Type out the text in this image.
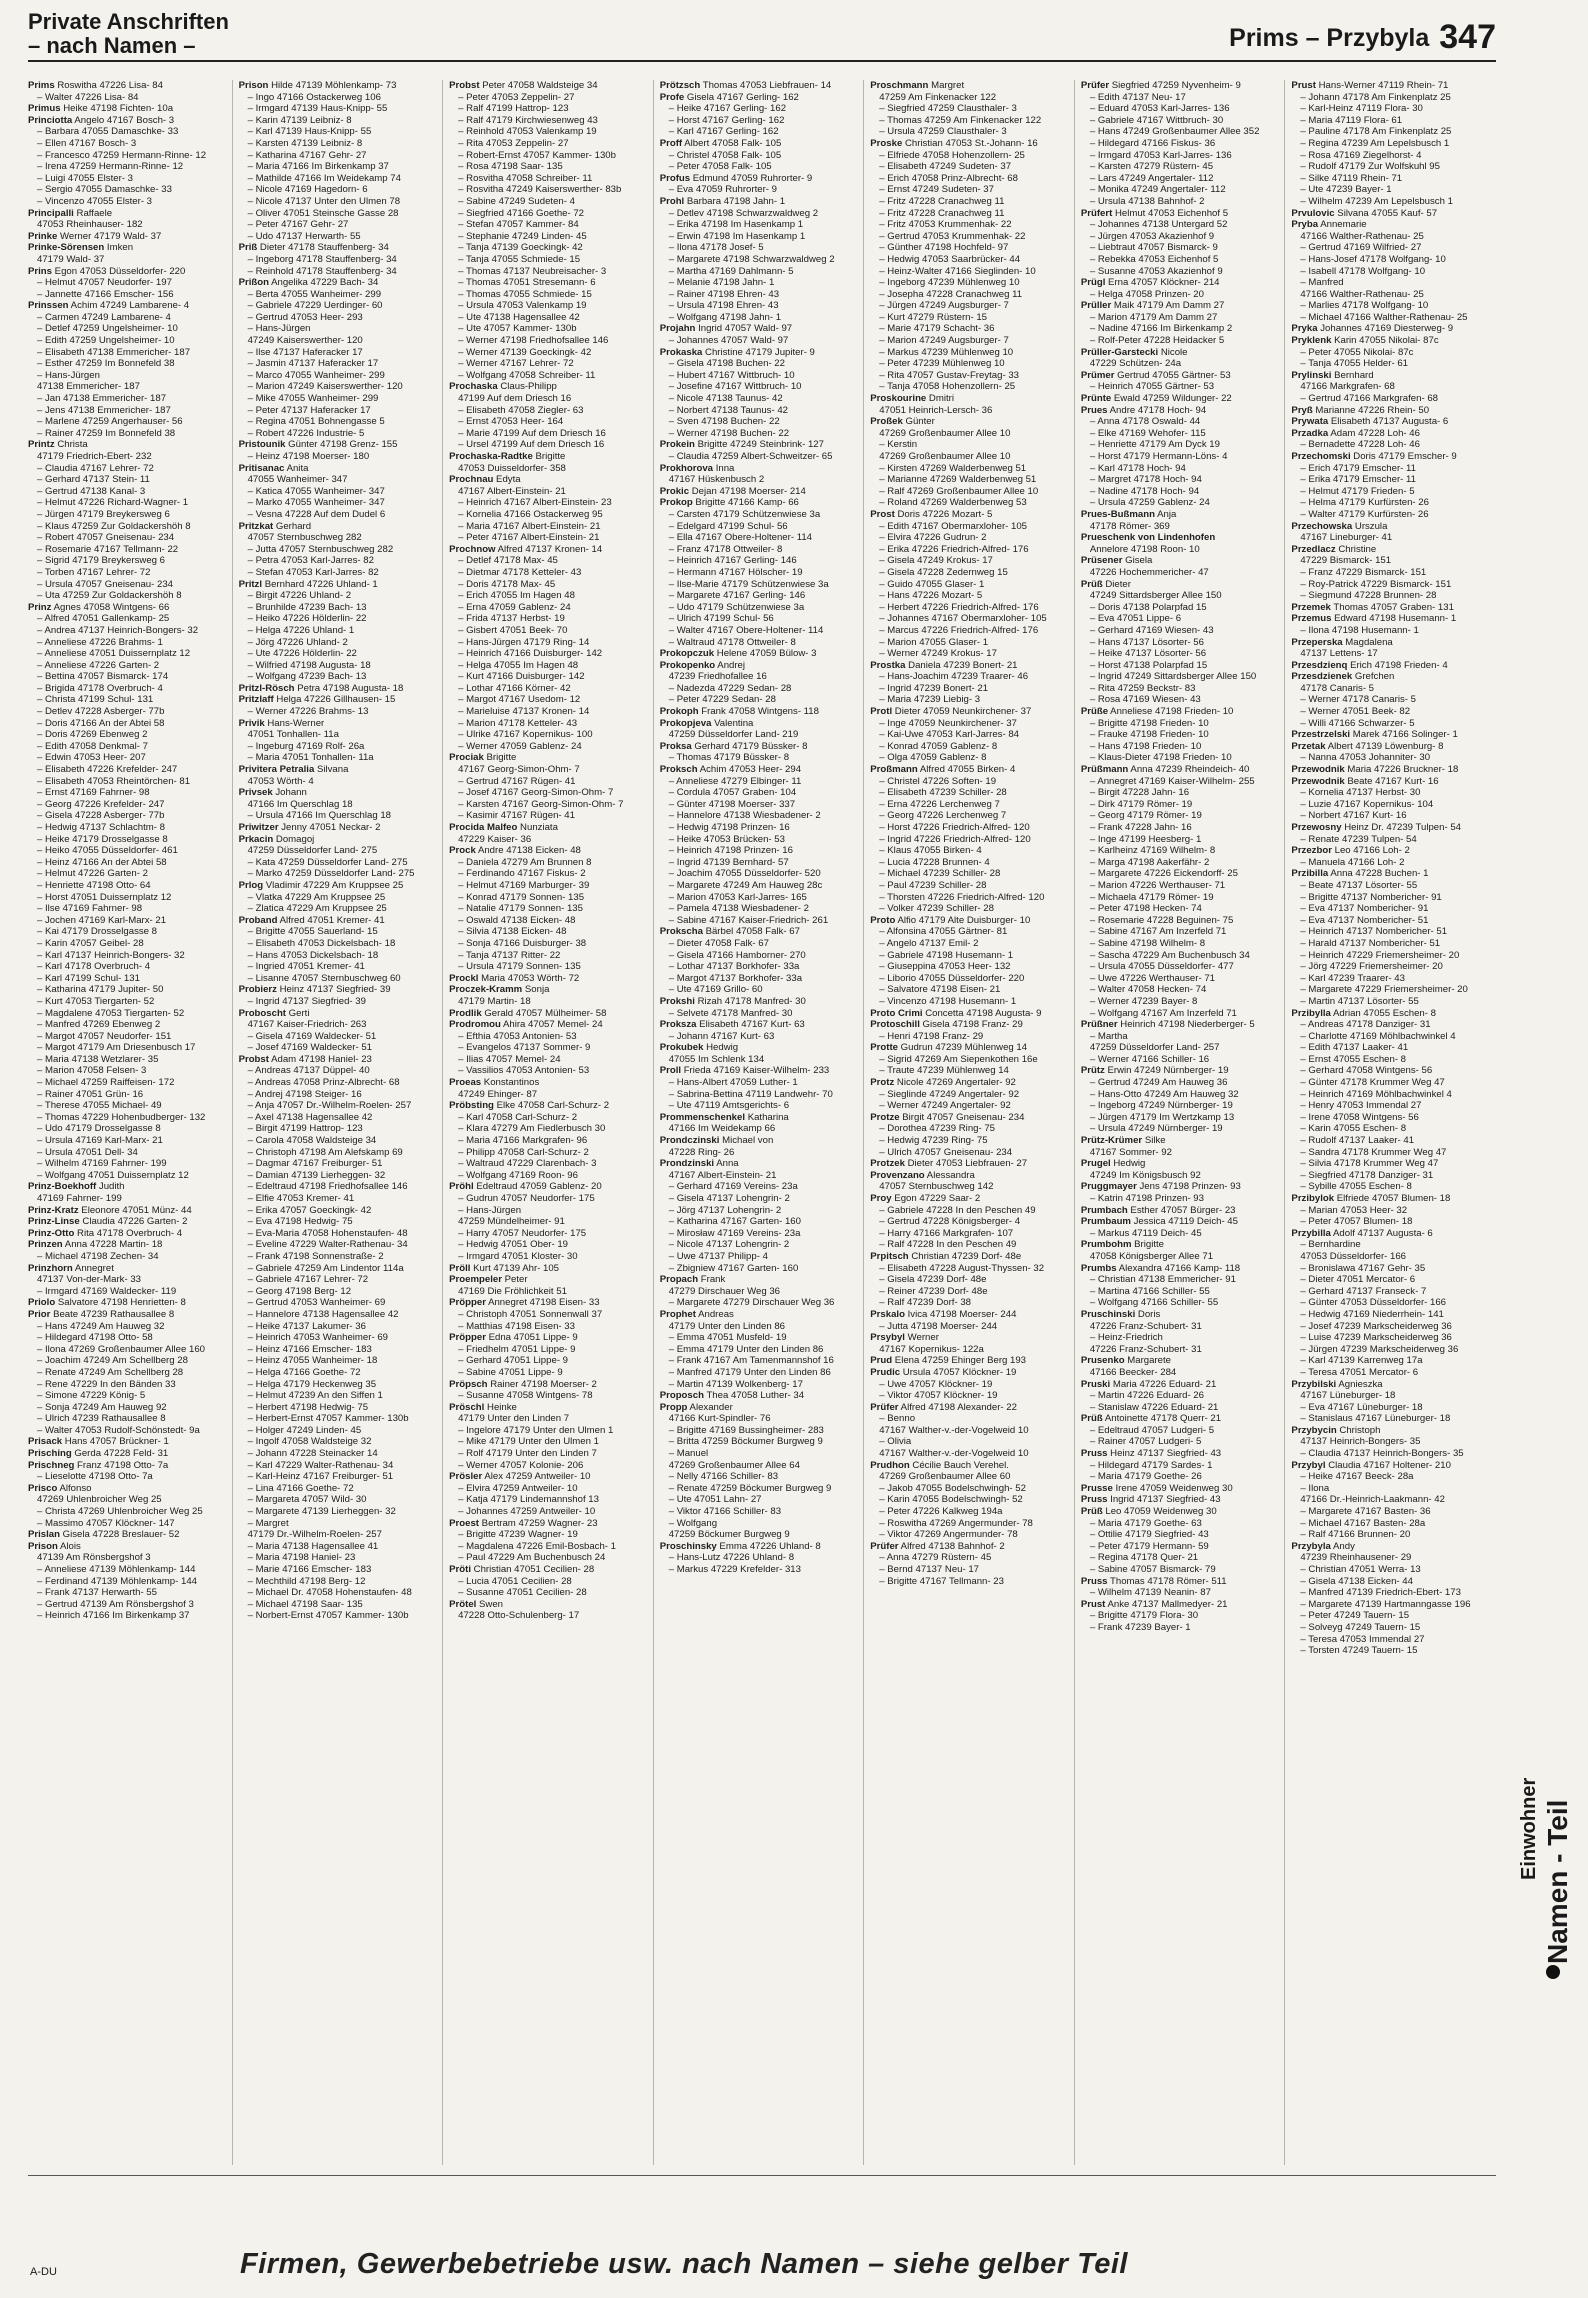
Private Anschriften
– nach Namen –	Prims – Przybyla 347
Prims Roswitha 47226 Lisa- 84
– Walter 47226 Lisa- 84
Primus Heike 47198 Fichten- 10a
Princiotta Angelo 47167 Bosch- 3
– Barbara 47055 Damaschke- 33
– Ellen 47167 Bosch- 3
– Francesco 47259 Hermann-Rinne- 12
– Irena 47259 Hermann-Rinne- 12
– Luigi 47055 Elster- 3
– Sergio 47055 Damaschke- 33
– Vincenzo 47055 Elster- 3
Principalli Raffaele
47053 Rheinhauser- 182
Prinke Werner 47179 Wald- 37
Prinke-Sörensen Imken
47179 Wald- 37
Prins Egon 47053 Düsseldorfer- 220
– Helmut 47057 Neudorfer- 197
– Jannette 47166 Emscher- 156
Prinssen Achim 47249 Lambarene- 4
– Carmen 47249 Lambarene- 4
– Detlef 47259 Ungelsheimer- 10
– Edith 47259 Ungelsheimer- 10
– Elisabeth 47138 Emmericher- 187
– Esther 47259 Im Bonnefeld 38
– Hans-Jürgen
47138 Emmericher- 187
– Jan 47138 Emmericher- 187
– Jens 47138 Emmericher- 187
– Marlene 47259 Angerhauser- 56
– Rainer 47259 Im Bonnefeld 38
Printz Christa
47179 Friedrich-Ebert- 232
– Claudia 47167 Lehrer- 72
– Gerhard 47137 Stein- 11
– Gertrud 47138 Kanal- 3
– Helmut 47226 Richard-Wagner- 1
– Jürgen 47179 Breykersweg 6
– Klaus 47259 Zur Goldackershöh 8
– Robert 47057 Gneisenau- 234
– Rosemarie 47167 Tellmann- 22
– Sigrid 47179 Breykersweg 6
– Torben 47167 Lehrer- 72
– Ursula 47057 Gneisenau- 234
– Uta 47259 Zur Goldackershöh 8
Prinz Agnes 47058 Wintgens- 66
– Alfred 47051 Gallenkamp- 25
– Andrea 47137 Heinrich-Bongers- 32
– Anneliese 47226 Brahms- 1
– Anneliese 47051 Duissernplatz 12
– Anneliese 47226 Garten- 2
– Bettina 47057 Bismarck- 174
– Brigida 47178 Overbruch- 4
– Christa 47199 Schul- 131
– Detlev 47228 Asberger- 77b
– Doris 47166 An der Abtei 58
– Doris 47269 Ebenweg 2
– Edith 47058 Denkmal- 7
– Edwin 47053 Heer- 207
– Elisabeth 47226 Krefelder- 247
– Elisabeth 47053 Rheintörchen- 81
– Ernst 47169 Fahrner- 98
– Georg 47226 Krefelder- 247
– Gisela 47228 Asberger- 77b
– Hedwig 47137 Schlachtm- 8
– Heike 47179 Drosselgasse 8
– Heiko 47055 Düsseldorfer- 461
– Heinz 47166 An der Abtei 58
– Helmut 47226 Garten- 2
– Henriette 47198 Otto- 64
– Horst 47051 Duissernplatz 12
– Ilse 47169 Fahrner- 98
– Jochen 47169 Karl-Marx- 21
– Kai 47179 Drosselgasse 8
– Karin 47057 Geibel- 28
– Karl 47137 Heinrich-Bongers- 32
– Karl 47178 Overbruch- 4
– Karl 47199 Schul- 131
– Katharina 47179 Jupiter- 50
– Kurt 47053 Tiergarten- 52
– Magdalene 47053 Tiergarten- 52
– Manfred 47269 Ebenweg 2
– Margot 47057 Neudorfer- 151
– Margot 47179 Am Driesenbusch 17
– Maria 47138 Wetzlarer- 35
– Marion 47058 Felsen- 3
– Michael 47259 Raiffeisen- 172
– Rainer 47051 Grün- 16
– Therese 47055 Michael- 49
– Thomas 47229 Hohenbudberger- 132
– Udo 47179 Drosselgasse 8
– Ursula 47169 Karl-Marx- 21
– Ursula 47051 Dell- 34
– Wilhelm 47169 Fahrner- 199
– Wolfgang 47051 Duissernplatz 12
Prinz-Boekhoff Judith
47169 Fahrner- 199
Prinz-Kratz Eleonore 47051 Münz- 44
Prinz-Linse Claudia 47226 Garten- 2
Prinz-Otto Rita 47178 Overbruch- 4
Prinzen Anna 47228 Martin- 18
– Michael 47198 Zechen- 34
Prinzhorn Annegret
47137 Von-der-Mark- 33
– Irmgard 47169 Waldecker- 119
Priolo Salvatore 47198 Henrietten- 8
Prior Beate 47239 Rathausallee 8
– Hans 47249 Am Hauweg 32
– Hildegard 47198 Otto- 58
– Ilona 47269 Großenbaumer Allee 160
– Joachim 47249 Am Schellberg 28
– Renate 47249 Am Schellberg 28
– Rene 47229 In den Bänden 33
– Simone 47229 König- 5
– Sonja 47249 Am Hauweg 92
– Ulrich 47239 Rathausallee 8
– Walter 47053 Rudolf-Schönstedt- 9a
Prisack Hans 47057 Brückner- 1
Prisching Gerda 47228 Feld- 31
Prischneg Franz 47198 Otto- 7a
– Lieselotte 47198 Otto- 7a
Prisco Alfonso
47269 Uhlenbroicher Weg 25
– Christa 47269 Uhlenbroicher Weg 25
– Massimo 47057 Klöckner- 147
Prislan Gisela 47228 Breslauer- 52
Prison Alois
47139 Am Rönsbergshof 3
– Anneliese 47139 Möhlenkamp- 144
– Ferdinand 47139 Möhlenkamp- 144
– Frank 47137 Herwarth- 55
– Gertrud 47139 Am Rönsbergshof 3
– Heinrich 47166 Im Birkenkamp 37
Prison Hilde 47139 Möhlenkamp- 73
– Ingo 47166 Ostackerweg 106
– Irmgard 47139 Haus-Knipp- 55
– Karin 47139 Leibniz- 8
– Karl 47139 Haus-Knipp- 55
– Karsten 47139 Leibniz- 8
– Katharina 47167 Gehr- 27
– Maria 47166 Im Birkenkamp 37
– Mathilde 47166 Im Weidekamp 74
– Nicole 47169 Hagedorn- 6
– Nicole 47137 Unter den Ulmen 78
– Oliver 47051 Steinsche Gasse 28
– Peter 47167 Gehr- 27
– Udo 47137 Herwarth- 55
Priß Dieter 47178 Stauffenberg- 34
– Ingeborg 47178 Stauffenberg- 34
– Reinhold 47178 Stauffenberg- 34
Prißon Angelika 47229 Bach- 34
– Berta 47055 Wanheimer- 299
– Gabriele 47229 Uerdinger- 60
– Gertrud 47053 Heer- 293
– Hans-Jürgen
47249 Kaiserswerther- 120
– Ilse 47137 Haferacker 17
– Jasmin 47137 Haferacker 17
– Marco 47055 Wanheimer- 299
– Marion 47249 Kaiserswerther- 120
– Mike 47055 Wanheimer- 299
– Peter 47137 Haferacker 17
– Regina 47051 Bohnengasse 5
– Robert 47226 Industrie- 5
Pristounik Günter 47198 Grenz- 155
– Heinz 47198 Moerser- 180
Pritisanac Anita
47055 Wanheimer- 347
– Katica 47055 Wanheimer- 347
– Marko 47055 Wanheimer- 347
– Vesna 47228 Auf dem Dudel 6
Pritzkat Gerhard
47057 Sternbuschweg 282
– Jutta 47057 Sternbuschweg 282
– Petra 47053 Karl-Jarres- 82
– Stefan 47053 Karl-Jarres- 82
Pritzl Bernhard 47226 Uhland- 1
– Birgit 47226 Uhland- 2
– Brunhilde 47239 Bach- 13
– Heiko 47226 Hölderlin- 22
– Helga 47226 Uhland- 1
– Jörg 47226 Uhland- 2
– Ute 47226 Hölderlin- 22
– Wilfried 47198 Augusta- 18
– Wolfgang 47239 Bach- 13
Pritzl-Rösch Petra 47198 Augusta- 18
Pritzlaff Helga 47226 Gillhausen- 15
– Werner 47226 Brahms- 13
Privik Hans-Werner
47051 Tonhallen- 11a
– Ingeburg 47169 Rolf- 26a
– Maria 47051 Tonhallen- 11a
Privitera Petralia Silvana
47053 Wörth- 4
Privsek Johann
47166 Im Querschlag 18
– Ursula 47166 Im Querschlag 18
Priwitzer Jenny 47051 Neckar- 2
Prkacin Domagoj
47259 Düsseldorfer Land- 275
– Kata 47259 Düsseldorfer Land- 275
– Marko 47259 Düsseldorfer Land- 275
Prlog Vladimir 47229 Am Kruppsee 25
– Vlatka 47229 Am Kruppsee 25
– Zlatica 47229 Am Kruppsee 25
Proband Alfred 47051 Kremer- 41
– Brigitte 47055 Sauerland- 15
– Elisabeth 47053 Dickelsbach- 18
– Hans 47053 Dickelsbach- 18
– Ingried 47051 Kremer- 41
– Lisanne 47057 Sternbuschweg 60
Probierz Heinz 47137 Siegfried- 39
– Ingrid 47137 Siegfried- 39
Proboscht Gerti
47167 Kaiser-Friedrich- 263
– Gisela 47169 Waldecker- 51
– Josef 47169 Waldecker- 51
Probst Adam 47198 Haniel- 23
– Andreas 47137 Düppel- 40
– Andreas 47058 Prinz-Albrecht- 68
– Andrej 47198 Steiger- 16
– Anja 47057 Dr.-Wilhelm-Roelen- 257
– Axel 47138 Hagensallee 42
– Birgit 47199 Hattrop- 123
– Carola 47058 Waldsteige 34
– Christoph 47198 Am Alefskamp 69
– Dagmar 47167 Freiburger- 51
– Damian 47139 Lierheggen- 32
– Edeltraud 47198 Friedhofsallee 146
– Elfie 47053 Kremer- 41
– Erika 47057 Goeckingk- 42
– Eva 47198 Hedwig- 75
– Eva-Maria 47058 Hohenstaufen- 48
– Eveline 47229 Walter-Rathenau- 34
– Frank 47198 Sonnenstraße- 2
– Gabriele 47259 Am Lindentor 114a
– Gabriele 47167 Lehrer- 72
– Georg 47198 Berg- 12
– Gertrud 47053 Wanheimer- 69
– Hannelore 47138 Hagensallee 42
– Heike 47137 Lakumer- 36
– Heinrich 47053 Wanheimer- 69
– Heinz 47166 Emscher- 183
– Heinz 47055 Wanheimer- 18
– Helga 47166 Goethe- 72
– Helga 47179 Heckenweg 35
– Helmut 47239 An den Siffen 1
– Herbert 47198 Hedwig- 75
– Herbert-Ernst 47057 Kammer- 130b
– Holger 47249 Linden- 45
– Ingolf 47058 Waldsteige 32
– Johann 47228 Steinacker 14
– Karl 47229 Walter-Rathenau- 34
– Karl-Heinz 47167 Freiburger- 51
– Lina 47166 Goethe- 72
– Margareta 47057 Wild- 30
– Margarete 47139 Lierheggen- 32
– Margret
47179 Dr.-Wilhelm-Roelen- 257
– Maria 47138 Hagensallee 41
– Maria 47198 Haniel- 23
– Marie 47166 Emscher- 183
– Mechthild 47198 Berg- 12
– Michael Dr. 47058 Hohenstaufen- 48
– Michael 47198 Saar- 135
– Norbert-Ernst 47057 Kammer- 130b
Probst Peter 47058 Waldsteige 34
– Peter 47053 Zeppelin- 27
– Ralf 47199 Hattrop- 123
– Ralf 47179 Kirchwiesenweg 43
– Reinhold 47053 Valenkamp 19
– Rita 47053 Zeppelin- 27
– Robert-Ernst 47057 Kammer- 130b
– Rosa 47198 Saar- 135
– Rosvitha 47058 Schreiber- 11
– Rosvitha 47249 Kaiserswerther- 83b
– Sabine 47249 Sudeten- 4
– Siegfried 47166 Goethe- 72
– Stefan 47057 Kammer- 84
– Stephanie 47249 Linden- 45
– Tanja 47139 Goeckingk- 42
– Tanja 47055 Schmiede- 15
– Thomas 47137 Neubreisacher- 3
– Thomas 47051 Stresemann- 6
– Thomas 47055 Schmiede- 15
– Ursula 47053 Valenkamp 19
– Ute 47138 Hagensallee 42
– Ute 47057 Kammer- 130b
– Werner 47198 Friedhofsallee 146
– Werner 47139 Goeckingk- 42
– Werner 47167 Lehrer- 72
– Wolfgang 47058 Schreiber- 11
Prochaska Claus-Philipp
47199 Auf dem Driesch 16
– Elisabeth 47058 Ziegler- 63
– Ernst 47053 Heer- 164
– Marie 47199 Auf dem Driesch 16
– Ursel 47199 Auf dem Driesch 16
Prochaska-Radtke Brigitte
47053 Duisseldorfer- 358
Prochnau Edyta
47167 Albert-Einstein- 21
– Heinrich 47167 Albert-Einstein- 23
– Kornelia 47166 Ostackerweg 95
– Maria 47167 Albert-Einstein- 21
– Peter 47167 Albert-Einstein- 21
Prochnow Alfred 47137 Kronen- 14
– Detlef 47178 Max- 45
– Dietmar 47178 Ketteler- 43
– Doris 47178 Max- 45
– Erich 47055 Im Hagen 48
– Erna 47059 Gablenz- 24
– Frida 47137 Herbst- 19
– Gisbert 47051 Beek- 70
– Hans-Jürgen 47179 Ring- 14
– Heinrich 47166 Duisburger- 142
– Helga 47055 Im Hagen 48
– Kurt 47166 Duisburger- 142
– Lothar 47166 Körner- 42
– Margot 47167 Usedom- 12
– Marieluise 47137 Kronen- 14
– Marion 47178 Ketteler- 43
– Ulrike 47167 Kopernikus- 100
– Werner 47059 Gablenz- 24
Prociak Brigitte
47167 Georg-Simon-Ohm- 7
– Gertrud 47167 Rügen- 41
– Josef 47167 Georg-Simon-Ohm- 7
– Karsten 47167 Georg-Simon-Ohm- 7
– Kasimir 47167 Rügen- 41
Procida Malfeo Nunziata
47229 Kaiser- 36
Prock Andre 47138 Eicken- 48
– Daniela 47279 Am Brunnen 8
– Ferdinando 47167 Fiskus- 2
– Helmut 47169 Marburger- 39
– Konrad 47179 Sonnen- 135
– Natalie 47179 Sonnen- 135
– Oswald 47138 Eicken- 48
– Silvia 47138 Eicken- 48
– Sonja 47166 Duisburger- 38
– Tanja 47137 Ritter- 22
– Ursula 47179 Sonnen- 135
Prockl Maria 47053 Wörth- 72
Proczek-Kramm Sonja
47179 Martin- 18
Prodlik Gerald 47057 Mülheimer- 58
Prodromou Ahira 47057 Memel- 24
– Efthia 47053 Antonien- 53
– Evangelos 47137 Sommer- 9
– Ilias 47057 Memel- 24
– Vassilios 47053 Antonien- 53
Proeas Konstantinos
47249 Ehinger- 87
Pröbsting Elke 47058 Carl-Schurz- 2
– Karl 47058 Carl-Schurz- 2
– Klara 47279 Am Fiedlerbusch 30
– Maria 47166 Markgrafen- 96
– Philipp 47058 Carl-Schurz- 2
– Waltraud 47229 Clarenbach- 3
– Wolfgang 47169 Roon- 96
Pröhl Edeltraud 47059 Gablenz- 20
– Gudrun 47057 Neudorfer- 175
– Hans-Jürgen
47259 Mündelheimer- 91
– Harry 47057 Neudorfer- 175
– Hedwig 47051 Ober- 19
– Irmgard 47051 Kloster- 30
Pröll Kurt 47139 Ahr- 105
Proempeler Peter
47169 Die Fröhlichkeit 51
Pröpper Annegret 47198 Eisen- 33
– Christoph 47051 Sonnenwall 37
– Matthias 47198 Eisen- 33
Pröpper Edna 47051 Lippe- 9
– Friedhelm 47051 Lippe- 9
– Gerhard 47051 Lippe- 9
– Sabine 47051 Lippe- 9
Pröpsch Rainer 47198 Moerser- 2
– Susanne 47058 Wintgens- 78
Pröschl Heinke
47179 Unter den Linden 7
– Ingelore 47179 Unter den Ulmen 1
– Mike 47179 Unter den Ulmen 1
– Rolf 47179 Unter den Linden 7
– Werner 47057 Kolonie- 206
Prösler Alex 47259 Antweiler- 10
– Elvira 47259 Antweiler- 10
– Katja 47179 Lindemannshof 13
– Johannes 47259 Antweiler- 10
Proest Bertram 47259 Wagner- 23
– Brigitte 47239 Wagner- 19
– Magdalena 47226 Emil-Bosbach- 1
– Paul 47229 Am Buchenbusch 24
Pröti Christian 47051 Cecilien- 28
– Lucia 47051 Cecilien- 28
– Susanne 47051 Cecilien- 28
Prötel Swen
47228 Otto-Schulenberg- 17
Prötzsch Thomas 47053 Liebfrauen- 14
Profe Gisela 47167 Gerling- 162
– Heike 47167 Gerling- 162
– Horst 47167 Gerling- 162
– Karl 47167 Gerling- 162
Proff Albert 47058 Falk- 105
– Christel 47058 Falk- 105
– Peter 47058 Falk- 105
Profus Edmund 47059 Ruhrorter- 9
– Eva 47059 Ruhrorter- 9
Prohl Barbara 47198 Jahn- 1
– Detlev 47198 Schwarzwaldweg 2
– Erika 47198 Im Hasenkamp 1
– Erwin 47198 Im Hasenkamp 1
– Ilona 47178 Josef- 5
– Margarete 47198 Schwarzwaldweg 2
– Martha 47169 Dahlmann- 5
– Melanie 47198 Jahn- 1
– Rainer 47198 Ehren- 43
– Ursula 47198 Ehren- 43
– Wolfgang 47198 Jahn- 1
Projahn Ingrid 47057 Wald- 97
– Johannes 47057 Wald- 97
Prokaska Christine 47179 Jupiter- 9
– Gisela 47198 Buchen- 22
– Hubert 47167 Wittbruch- 10
– Josefine 47167 Wittbruch- 10
– Nicole 47138 Taunus- 42
– Norbert 47138 Taunus- 42
– Sven 47198 Buchen- 22
– Werner 47198 Buchen- 22
Prokein Brigitte 47249 Steinbrink- 127
– Claudia 47259 Albert-Schweitzer- 65
Prokhorova Inna
47167 Hüskenbusch 2
Prokic Dejan 47198 Moerser- 214
Prokop Brigitte 47166 Kamp- 66
– Carsten 47179 Schützenwiese 3a
– Edelgard 47199 Schul- 56
– Ella 47167 Obere-Holtener- 114
– Franz 47178 Ottweiler- 8
– Heinrich 47167 Gerling- 146
– Hermann 47167 Hölscher- 19
– Ilse-Marie 47179 Schützenwiese 3a
– Margarete 47167 Gerling- 146
– Udo 47179 Schützenwiese 3a
– Ulrich 47199 Schul- 56
– Walter 47167 Obere-Holtener- 114
– Waltraud 47178 Ottweiler- 8
Prokopczuk Helene 47059 Bülow- 3
Prokopenko Andrej
47239 Friedhofallee 16
– Nadezda 47229 Sedan- 28
– Peter 47229 Sedan- 28
Prokoph Frank 47058 Wintgens- 118
Prokopjeva Valentina
47259 Düsseldorfer Land- 219
Proksa Gerhard 47179 Büssker- 8
– Thomas 47179 Büssker- 8
Proksch Achim 47053 Heer- 294
– Anneliese 47279 Elbinger- 11
– Cordula 47057 Graben- 104
– Günter 47198 Moerser- 337
– Hannelore 47138 Wiesbadener- 2
– Hedwig 47198 Prinzen- 16
– Heike 47053 Brücken- 53
– Heinrich 47198 Prinzen- 16
– Ingrid 47139 Bernhard- 57
– Joachim 47055 Düsseldorfer- 520
– Margarete 47249 Am Hauweg 28c
– Marion 47053 Karl-Jarres- 165
– Pamela 47138 Wiesbadener- 2
– Sabine 47167 Kaiser-Friedrich- 261
Prokscha Bärbel 47058 Falk- 67
– Dieter 47058 Falk- 67
– Gisela 47166 Hamborner- 270
– Lothar 47137 Borkhofer- 33a
– Margot 47137 Borkhofer- 33a
– Ute 47169 Grillo- 60
Prokshi Rizah 47178 Manfred- 30
– Selvete 47178 Manfred- 30
Proksza Elisabeth 47167 Kurt- 63
– Johann 47167 Kurt- 63
Prokubek Hedwig
47055 Im Schlenk 134
Proll Frieda 47169 Kaiser-Wilhelm- 233
– Hans-Albert 47059 Luther- 1
– Sabrina-Bettina 47119 Landwehr- 70
– Ute 47119 Amtsgerichts- 6
Prommenschenkel Katharina
47166 Im Weidekamp 66
Prondczinski Michael von
47228 Ring- 26
Prondzinski Anna
47167 Albert-Einstein- 21
– Gerhard 47169 Vereins- 23a
– Gisela 47137 Lohengrin- 2
– Jörg 47137 Lohengrin- 2
– Katharina 47167 Garten- 160
– Mirosław 47169 Vereins- 23a
– Nicole 47137 Lohengrin- 2
– Uwe 47137 Philipp- 4
– Zbigniew 47167 Garten- 160
Propach Frank
47279 Dirschauer Weg 36
– Margarete 47279 Dirschauer Weg 36
Prophet Andreas
47179 Unter den Linden 86
– Emma 47051 Musfeld- 19
– Emma 47179 Unter den Linden 86
– Frank 47167 Am Tamenmannshof 16
– Manfred 47179 Unter den Linden 86
– Martin 47139 Wolkenberg- 17
Proposch Thea 47058 Luther- 34
Propp Alexander
47166 Kurt-Spindler- 76
– Brigitte 47169 Bussingheimer- 283
– Britta 47259 Böckumer Burgweg 9
– Manuel
47269 Großenbaumer Allee 64
– Nelly 47166 Schiller- 83
– Renate 47259 Böckumer Burgweg 9
– Ute 47051 Lahn- 27
– Viktor 47166 Schiller- 83
– Wolfgang
47259 Böckumer Burgweg 9
Proschinsky Emma 47226 Uhland- 8
– Hans-Lutz 47226 Uhland- 8
– Markus 47229 Krefelder- 313
Proschmann Margret
47259 Am Finkenacker 122
– Siegfried 47259 Clausthaler- 3
– Thomas 47259 Am Finkenacker 122
– Ursula 47259 Clausthaler- 3
Proske Christian 47053 St.-Johann- 16
– Elfriede 47058 Hohenzollern- 25
– Elisabeth 47249 Sudeten- 37
– Erich 47058 Prinz-Albrecht- 68
– Ernst 47249 Sudeten- 37
– Fritz 47228 Cranachweg 11
– Fritz 47228 Cranachweg 11
– Fritz 47053 Krummenhak- 22
– Gertrud 47053 Krummenhak- 22
– Günther 47198 Hochfeld- 97
– Hedwig 47053 Saarbrücker- 44
– Heinz-Walter 47166 Sieglinden- 10
– Ingeborg 47239 Mühlenweg 10
– Josepha 47228 Cranachweg 11
– Jürgen 47249 Augsburger- 7
– Kurt 47279 Rüstern- 15
– Marie 47179 Schacht- 36
– Marion 47249 Augsburger- 7
– Markus 47239 Mühlenweg 10
– Peter 47239 Mühlenweg 10
– Rita 47057 Gustav-Freytag- 33
– Tanja 47058 Hohenzollern- 25
Proskourine Dmitri
47051 Heinrich-Lersch- 36
Proßek Günter
47269 Großenbaumer Allee 10
– Kerstin
47269 Großenbaumer Allee 10
– Kirsten 47269 Walderbenweg 51
– Marianne 47269 Walderbenweg 51
– Ralf 47269 Großenbaumer Allee 10
– Roland 47269 Walderbenweg 53
Prost Doris 47226 Mozart- 5
– Edith 47167 Obermarxloher- 105
– Elvira 47226 Gudrun- 2
– Erika 47226 Friedrich-Alfred- 176
– Gisela 47249 Krokus- 17
– Gisela 47228 Zedernweg 15
– Guido 47055 Glaser- 1
– Hans 47226 Mozart- 5
– Herbert 47226 Friedrich-Alfred- 176
– Johannes 47167 Obermarxloher- 105
– Marcus 47226 Friedrich-Alfred- 176
– Marion 47055 Glaser- 1
– Werner 47249 Krokus- 17
Prostka Daniela 47239 Bonert- 21
– Hans-Joachim 47239 Traarer- 46
– Ingrid 47239 Bonert- 21
– Maria 47239 Liebig- 3
Protl Dieter 47059 Neunkirchener- 37
– Inge 47059 Neunkirchener- 37
– Kai-Uwe 47053 Karl-Jarres- 84
– Konrad 47059 Gablenz- 8
– Olga 47059 Gablenz- 8
Proßmann Alfred 47055 Birken- 4
– Christel 47226 Soften- 19
– Elisabeth 47239 Schiller- 28
– Erna 47226 Lerchenweg 7
– Georg 47226 Lerchenweg 7
– Horst 47226 Friedrich-Alfred- 120
– Ingrid 47226 Friedrich-Alfred- 120
– Klaus 47055 Birken- 4
– Lucia 47228 Brunnen- 4
– Michael 47239 Schiller- 28
– Paul 47239 Schiller- 28
– Thorsten 47226 Friedrich-Alfred- 120
– Volker 47239 Schiller- 28
Proto Alfio 47179 Alte Duisburger- 10
– Alfonsina 47055 Gärtner- 81
– Angelo 47137 Emil- 2
– Gabriele 47198 Husemann- 1
– Giuseppina 47053 Heer- 132
– Liborio 47055 Düsseldorfer- 220
– Salvatore 47198 Eisen- 21
– Vincenzo 47198 Husemann- 1
Proto Crimi Concetta 47198 Augusta- 9
Protoschill Gisela 47198 Franz- 29
– Henri 47198 Franz- 29
Protte Gudrun 47239 Mühlenweg 14
– Sigrid 47269 Am Siepenkothen 16e
– Traute 47239 Mühlenweg 14
Protz Nicole 47269 Angertaler- 92
– Sieglinde 47249 Angertaler- 92
– Werner 47249 Angertaler- 92
Protze Birgit 47057 Gneisenau- 234
– Dorothea 47239 Ring- 75
– Hedwig 47239 Ring- 75
– Ulrich 47057 Gneisenau- 234
Protzek Dieter 47053 Liebfrauen- 27
Provenzano Alessandra
47057 Sternbuschweg 142
Proy Egon 47229 Saar- 2
– Gabriele 47228 In den Peschen 49
– Gertrud 47228 Königsberger- 4
– Harry 47166 Markgrafen- 107
– Ralf 47228 In den Peschen 49
Prpitsch Christian 47239 Dorf- 48e
– Elisabeth 47228 August-Thyssen- 32
– Gisela 47239 Dorf- 48e
– Reiner 47239 Dorf- 48e
– Ralf 47239 Dorf- 38
Prskalo Ivica 47198 Moerser- 244
– Jutta 47198 Moerser- 244
Prsybyl Werner
47167 Kopernikus- 122a
Prud Elena 47259 Ehinger Berg 193
Prudic Ursula 47057 Klöckner- 19
– Uwe 47057 Klöckner- 19
– Viktor 47057 Klöckner- 19
Prüfer Alfred 47198 Alexander- 22
– Benno
47167 Walther-v.-der-Vogelweid 10
– Olivia
47167 Walther-v.-der-Vogelweid 10
Prudhon Cécilie Bauch Verehel.
47269 Großenbaumer Allee 60
– Jakob 47055 Bodelschwingh- 52
– Karin 47055 Bodelschwingh- 52
– Peter 47226 Kalkweg 194a
– Roswitha 47269 Angermunder- 78
– Viktor 47269 Angermunder- 78
Prüfer Alfred 47138 Bahnhof- 2
– Anna 47279 Rüstern- 45
– Bernd 47137 Neu- 17
– Brigitte 47167 Tellmann- 23
Prüfer Siegfried 47259 Nyvenheim- 9
– Edith 47137 Neu- 17
– Eduard 47053 Karl-Jarres- 136
– Gabriele 47167 Wittbruch- 30
– Hans 47249 Großenbaumer Allee 352
– Hildegard 47166 Fiskus- 36
– Irmgard 47053 Karl-Jarres- 136
– Karsten 47279 Rüstern- 45
– Lars 47249 Angertaler- 112
– Monika 47249 Angertaler- 112
– Ursula 47138 Bahnhof- 2
Prüfert Helmut 47053 Eichenhof 5
– Johannes 47138 Untergard 52
– Jürgen 47053 Akazienhof 9
– Liebtraut 47057 Bismarck- 9
– Rebekka 47053 Eichenhof 5
– Susanne 47053 Akazienhof 9
Prügl Erna 47057 Klöckner- 214
– Helga 47058 Prinzen- 20
Prüller Maik 47179 Am Damm 27
– Marion 47179 Am Damm 27
– Nadine 47166 Im Birkenkamp 2
– Rolf-Peter 47228 Heidacker 5
Prüller-Garstecki Nicole
47229 Schützen- 24a
Prümer Gertrud 47055 Gärtner- 53
– Heinrich 47055 Gärtner- 53
Prünte Ewald 47259 Wildunger- 22
Prues Andre 47178 Hoch- 94
– Anna 47178 Oswald- 44
– Elke 47169 Wehofer- 115
– Henriette 47179 Am Dyck 19
– Horst 47179 Hermann-Löns- 4
– Karl 47178 Hoch- 94
– Margret 47178 Hoch- 94
– Nadine 47178 Hoch- 94
– Ursula 47259 Gablenz- 24
Prues-Bußmann Anja
47178 Römer- 369
Prueschenk von Lindenhofen
Annelore 47198 Roon- 10
Prüsener Gisela
47226 Hochemmericher- 47
Prüß Dieter
47249 Sittardsberger Allee 150
– Doris 47138 Polarpfad 15
– Eva 47051 Lippe- 6
– Gerhard 47169 Wiesen- 43
– Hans 47137 Lösorter- 56
– Heike 47137 Lösorter- 56
– Horst 47138 Polarpfad 15
– Ingrid 47249 Sittardsberger Allee 150
– Rita 47259 Beckstr- 83
– Rosa 47169 Wiesen- 43
Prüße Anneliese 47198 Frieden- 10
– Brigitte 47198 Frieden- 10
– Frauke 47198 Frieden- 10
– Hans 47198 Frieden- 10
– Klaus-Dieter 47198 Frieden- 10
Prüßmann Anna 47239 Rheindeich- 40
– Annegret 47169 Kaiser-Wilhelm- 255
– Birgit 47228 Jahn- 16
– Dirk 47179 Römer- 19
– Georg 47179 Römer- 19
– Frank 47228 Jahn- 16
– Inge 47199 Heesberg- 1
– Karlheinz 47169 Wilhelm- 8
– Marga 47198 Aakerfähr- 2
– Margarete 47226 Eickendorff- 25
– Marion 47226 Werthauser- 71
– Michaela 47179 Römer- 19
– Peter 47198 Hecken- 74
– Rosemarie 47228 Beguinen- 75
– Sabine 47167 Am Inzerfeld 71
– Sabine 47198 Wilhelm- 8
– Sascha 47229 Am Buchenbusch 34
– Ursula 47055 Düsseldorfer- 477
– Uwe 47226 Werthauser- 71
– Walter 47058 Hecken- 74
– Werner 47239 Bayer- 8
– Wolfgang 47167 Am Inzerfeld 71
Prüßner Heinrich 47198 Niederberger- 5
– Martha
47259 Düsseldorfer Land- 257
– Werner 47166 Schiller- 16
Prütz Erwin 47249 Nürnberger- 19
– Gertrud 47249 Am Hauweg 36
– Hans-Otto 47249 Am Hauweg 32
– Ingeborg 47249 Nürnberger- 19
– Jürgen 47179 Im Wertzkamp 13
– Ursula 47249 Nürnberger- 19
Prütz-Krümer Silke
47167 Sommer- 92
Prugel Hedwig
47249 Im Königsbusch 92
Pruggmayer Jens 47198 Prinzen- 93
– Katrin 47198 Prinzen- 93
Prumbach Esther 47057 Bürger- 23
Prumbaum Jessica 47119 Deich- 45
– Markus 47119 Deich- 45
Prumbohm Brigitte
47058 Königsberger Allee 71
Prumbs Alexandra 47166 Kamp- 118
– Christian 47138 Emmericher- 91
– Martina 47166 Schiller- 55
– Wolfgang 47166 Schiller- 55
Pruschinski Doris
47226 Franz-Schubert- 31
– Heinz-Friedrich
47226 Franz-Schubert- 31
Prusenko Margarete
47166 Beecker- 284
Pruski Maria 47226 Eduard- 21
– Martin 47226 Eduard- 26
– Stanislaw 47226 Eduard- 21
Prüß Antoinette 47178 Querr- 21
– Edeltraud 47057 Ludgeri- 5
– Rainer 47057 Ludgeri- 5
Pruss Heinz 47137 Siegfried- 43
– Hildegard 47179 Sardes- 1
– Maria 47179 Goethe- 26
Prusse Irene 47059 Weidenweg 30
Pruss Ingrid 47137 Siegfried- 43
Prüß Leo 47059 Weidenweg 30
– Maria 47179 Goethe- 63
– Ottilie 47179 Siegfried- 43
– Peter 47179 Hermann- 59
– Regina 47178 Quer- 21
– Sabine 47057 Bismarck- 79
Pruss Thomas 47178 Römer- 511
– Wilhelm 47139 Neanin- 87
Prust Anke 47137 Mallmedyer- 21
– Brigitte 47179 Flora- 30
– Frank 47239 Bayer- 1
Prust Hans-Werner 47119 Rhein- 71
– Johann 47178 Am Finkenplatz 25
– Karl-Heinz 47119 Flora- 30
– Maria 47119 Flora- 61
– Pauline 47178 Am Finkenplatz 25
– Regina 47239 Am Lepelsbusch 1
– Rosa 47169 Ziegelhorst- 4
– Rudolf 47179 Zur Wolfskuhl 95
– Silke 47119 Rhein- 71
– Ute 47239 Bayer- 1
– Wilhelm 47239 Am Lepelsbusch 1
Prvulovic Silvana 47055 Kauf- 57
Pryba Annemarie
47166 Walther-Rathenau- 25
– Gertrud 47169 Wilfried- 27
– Hans-Josef 47178 Wolfgang- 10
– Isabell 47178 Wolfgang- 10
– Manfred
47166 Walther-Rathenau- 25
– Marlies 47178 Wolfgang- 10
– Michael 47166 Walther-Rathenau- 25
Pryka Johannes 47169 Diesterweg- 9
Pryklenk Karin 47055 Nikolai- 87c
– Peter 47055 Nikolai- 87c
– Tanja 47055 Helder- 61
Prylinski Bernhard
47166 Markgrafen- 68
– Gertrud 47166 Markgrafen- 68
Pryß Marianne 47226 Rhein- 50
Prywata Elisabeth 47137 Augusta- 6
Przadka Adam 47228 Loh- 46
– Bernadette 47228 Loh- 46
Przechomski Doris 47179 Emscher- 9
– Erich 47179 Emscher- 11
– Erika 47179 Emscher- 11
– Helmut 47179 Frieden- 5
– Helma 47179 Kurfürsten- 26
– Walter 47179 Kurfürsten- 26
Przechowska Urszula
47167 Lineburger- 41
Przedlacz Christine
47229 Bismarck- 151
– Franz 47229 Bismarck- 151
– Roy-Patrick 47229 Bismarck- 151
– Siegmund 47228 Brunnen- 28
Przemek Thomas 47057 Graben- 131
Przemus Edward 47198 Husemann- 1
– Ilona 47198 Husemann- 1
Przeperska Magdalena
47137 Lettens- 17
Przesdzienq Erich 47198 Frieden- 4
Przesdzienek Grefchen
47178 Canaris- 5
– Werner 47178 Canaris- 5
– Werner 47051 Beek- 82
– Willi 47166 Schwarzer- 5
Przestrzelski Marek 47166 Solinger- 1
Przetak Albert 47139 Löwenburg- 8
– Nanna 47053 Johanniter- 30
Przewodnik Maria 47226 Bruckner- 18
Przewodnik Beate 47167 Kurt- 16
– Kornelia 47137 Herbst- 30
– Luzie 47167 Kopernikus- 104
– Norbert 47167 Kurt- 16
Przewosny Heinz Dr. 47239 Tulpen- 54
– Renate 47239 Tulpen- 54
Przezbor Leo 47166 Loh- 2
– Manuela 47166 Loh- 2
Przibilla Anna 47228 Buchen- 1
– Beate 47137 Lösorter- 55
– Brigitte 47137 Nombericher- 91
– Eva 47137 Nombericher- 91
– Eva 47137 Nombericher- 51
– Heinrich 47137 Nombericher- 51
– Harald 47137 Nombericher- 51
– Heinrich 47229 Friemersheimer- 20
– Jörg 47229 Friemersheimer- 20
– Karl 47239 Traarer- 43
– Margarete 47229 Friemersheimer- 20
– Martin 47137 Lösorter- 55
Przibylla Adrian 47055 Eschen- 8
– Andreas 47178 Danziger- 31
– Charlotte 47169 Möhlbachwinkel 4
– Edith 47137 Laaker- 41
– Ernst 47055 Eschen- 8
– Gerhard 47058 Wintgens- 56
– Günter 47178 Krummer Weg 47
– Heinrich 47169 Möhlbachwinkel 4
– Henry 47053 Immendal 27
– Irene 47058 Wintgens- 56
– Karin 47055 Eschen- 8
– Rudolf 47137 Laaker- 41
– Sandra 47178 Krummer Weg 47
– Silvia 47178 Krummer Weg 47
– Siegfried 47178 Danziger- 31
– Sybille 47055 Eschen- 8
Przibylok Elfriede 47057 Blumen- 18
– Marian 47053 Heer- 32
– Peter 47057 Blumen- 18
Przybilla Adolf 47137 Augusta- 6
– Bernhardine
47053 Düsseldorfer- 166
– Bronislawa 47167 Gehr- 35
– Dieter 47051 Mercator- 6
– Gerhard 47137 Franseck- 7
– Günter 47053 Düsseldorfer- 166
– Hedwig 47169 Niederrhein- 141
– Josef 47239 Markscheiderweg 36
– Luise 47239 Markscheiderweg 36
– Jürgen 47239 Markscheiderweg 36
– Karl 47139 Karrenweg 17a
– Teresa 47051 Mercator- 6
Przybilski Agnieszka
47167 Lüneburger- 18
– Eva 47167 Lüneburger- 18
– Stanislaus 47167 Lüneburger- 18
Przybycin Christoph
47137 Heinrich-Bongers- 35
– Claudia 47137 Heinrich-Bongers- 35
Przybyl Claudia 47167 Holtener- 210
– Heike 47167 Beeck- 28a
– Ilona
47166 Dr.-Heinrich-Laakmann- 42
– Margarete 47167 Basten- 36
– Michael 47167 Basten- 28a
– Ralf 47166 Brunnen- 20
Przybyla Andy
47239 Rheinhausener- 29
– Christian 47051 Werra- 13
– Gisela 47138 Eicken- 44
– Manfred 47139 Friedrich-Ebert- 173
– Margarete 47139 Hartmanngasse 196
– Peter 47249 Tauern- 15
– Solveyg 47249 Tauern- 15
– Teresa 47053 Immendal 27
– Torsten 47249 Tauern- 15
Einwohner Namen - Teil
A-DU	Firmen, Gewerbebetriebe usw. nach Namen – siehe gelber Teil
